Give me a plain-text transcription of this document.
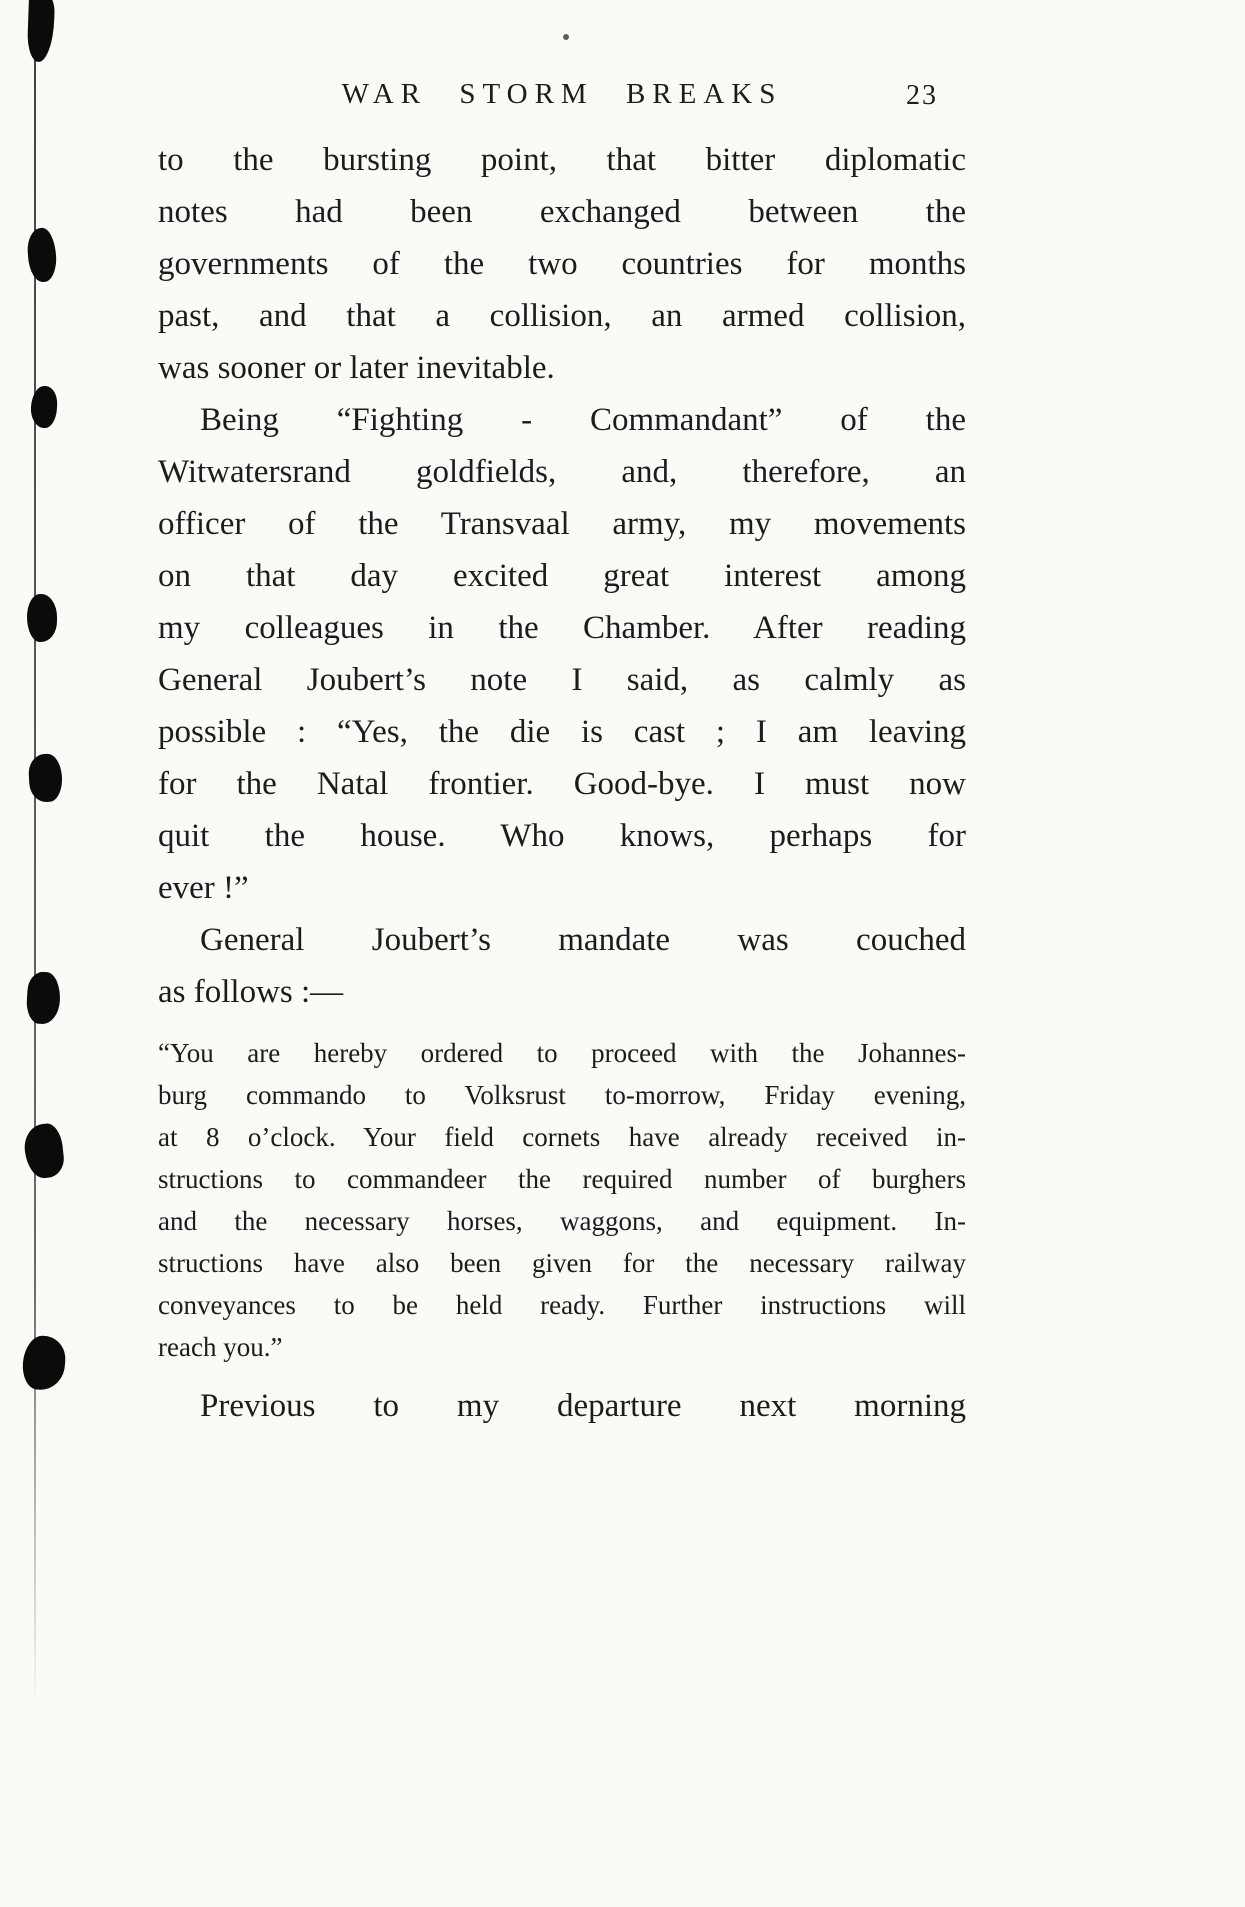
WAR STORM BREAKS	23

to the bursting point, that bitter diplomatic
notes had been exchanged between the
governments of the two countries for months
past, and that a collision, an armed collision,
was sooner or later inevitable.

Being “Fighting - Commandant” of the
Witwatersrand goldfields, and, therefore, an
officer of the Transvaal army, my movements
on that day excited great interest among
my colleagues in the Chamber. After reading
General Joubert’s note I said, as calmly as
possible : “Yes, the die is cast ; I am leaving
for the Natal frontier. Good-bye. I must now
quit the house. Who knows, perhaps for
ever !”

General Joubert’s mandate was couched
as follows :—

“You are hereby ordered to proceed with the Johannes-
burg commando to Volksrust to-morrow, Friday evening,
at 8 o’clock. Your field cornets have already received in-
structions to commandeer the required number of burghers
and the necessary horses, waggons, and equipment. In-
structions have also been given for the necessary railway
conveyances to be held ready. Further instructions will
reach you.”

Previous to my departure next morning
